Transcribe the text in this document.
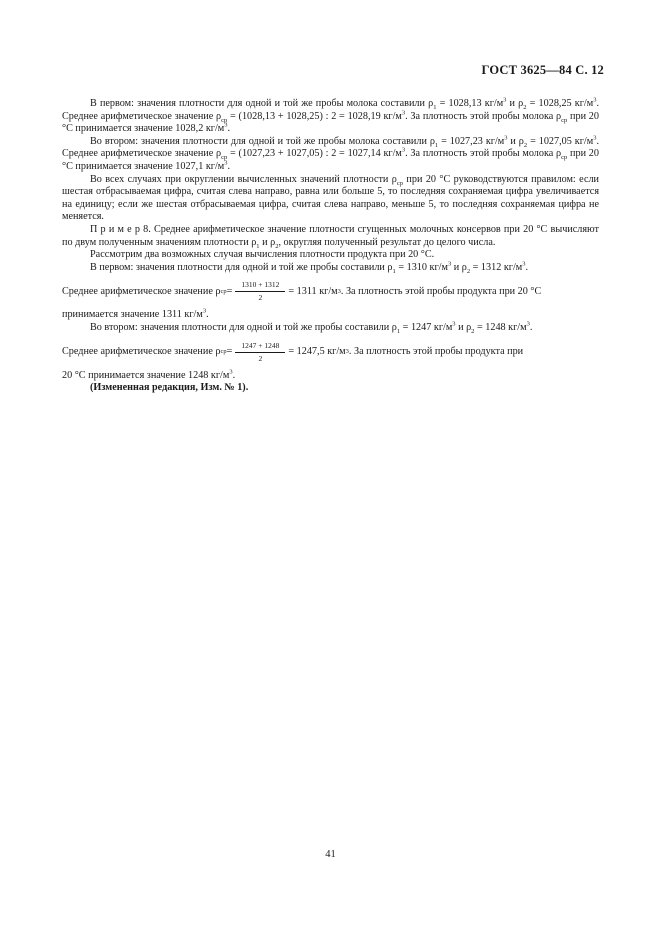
ГОСТ 3625—84 С. 12

В первом: значения плотности для одной и той же пробы молока составили $\rho_1 = 1028,13$ $кг/м^3$ и $\rho_2 = 1028,25$ $кг/м^3$. Среднее арифметическое значение $\rho_{ср} = (1028,13 + 1028,25)$ : 2 = 1028,19 $кг/м^3$. За плотность этой пробы молока $\rho_{ср}$ при 20 °С принимается значение 1028,2 $кг/м^3$.

Во втором: значения плотности для одной и той же пробы молока составили $\rho_1 = 1027,23$ $кг/м^3$ и $\rho_2 = 1027,05$ $кг/м^3$. Среднее арифметическое значение $\rho_{ср} = (1027,23 + 1027,05)$ : 2 = 1027,14 $кг/м^3$. За плотность этой пробы молока $\rho_{ср}$ при 20 °С принимается значение 1027,1 $кг/м^3$.

Во всех случаях при округлении вычисленных значений плотности $\rho_{ср}$ при 20 °С руководствуются правилом: если шестая отбрасываемая цифра, считая слева направо, равна или больше 5, то последняя сохраняемая цифра увеличивается на единицу; если же шестая отбрасываемая цифра, считая слева направо, меньше 5, то последняя сохраняемая цифра не меняется.

П р и м е р 8. Среднее арифметическое значение плотности сгущенных молочных консервов при 20 °С вычисляют по двум полученным значениям плотности $\rho_1$ и $\rho_2$, округляя полученный результат до целого числа.

Рассмотрим два возможных случая вычисления плотности продукта при 20 °С.

В первом: значения плотности для одной и той же пробы составили $\rho_1 = 1310$ $кг/м^3$ и $\rho_2 = 1312$ $кг/м^3$.

Среднее арифметическое значение ρ ср = $\frac{1310 + 1312}{2} = 1311$ кг/м 3 . За плотность этой пробы продукта при 20 °С

принимается значение 1311 $кг/м^3$.

Во втором: значения плотности для одной и той же пробы составили $\rho_1 = 1247$ $кг/м^3$ и $\rho_2 = 1248$ $кг/м^3$.

Среднее арифметическое значение ρ ср = $\frac{1247 + 1248}{2} = 1247,5$ кг/м 3 . За плотность этой пробы продукта при

20 °С принимается значение 1248 $кг/м^3$.

(Измененная редакция, Изм. № 1).

41
